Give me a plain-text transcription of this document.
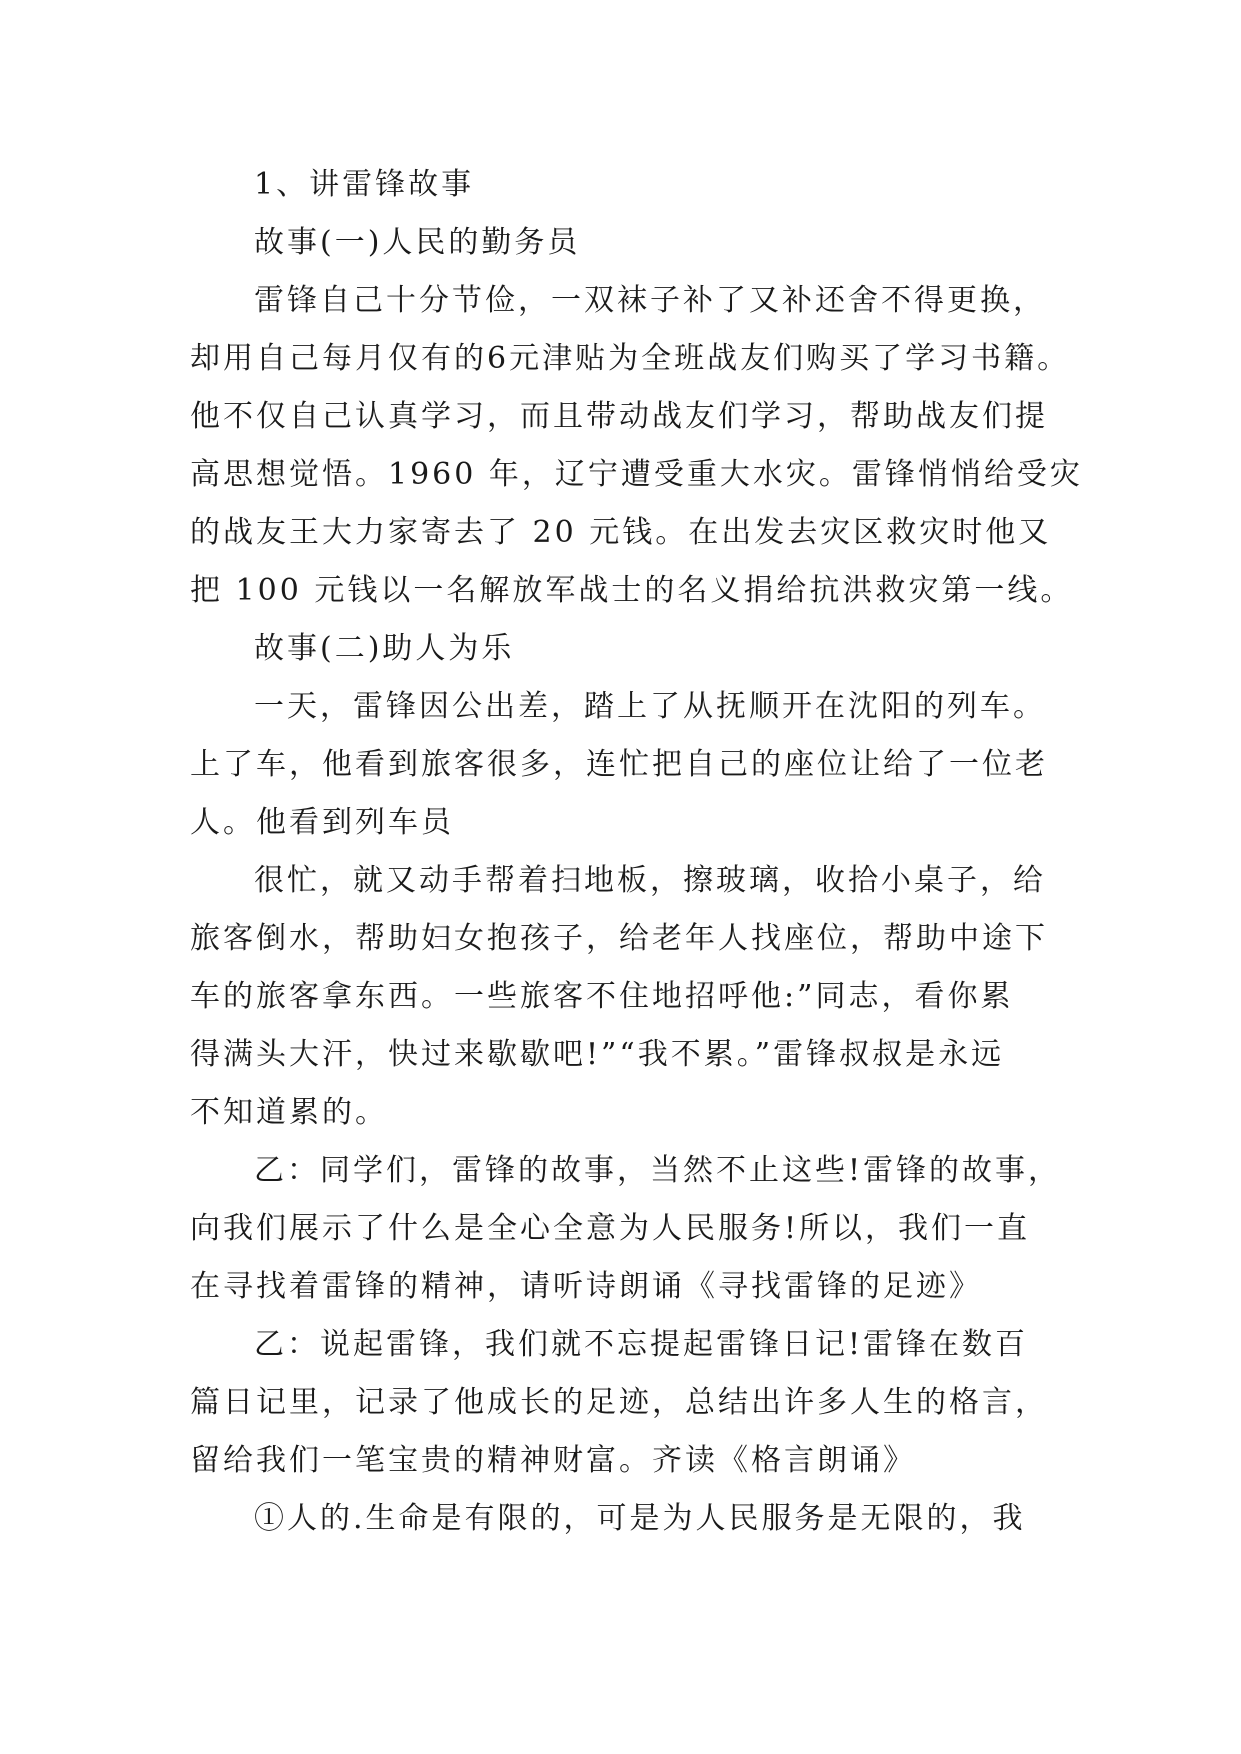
1、讲雷锋故事
故事(一)人民的勤务员
雷锋自己十分节俭，一双袜子补了又补还舍不得更换，
却用自己每月仅有的6元津贴为全班战友们购买了学习书籍。
他不仅自己认真学习，而且带动战友们学习，帮助战友们提
高思想觉悟。1960 年，辽宁遭受重大水灾。雷锋悄悄给受灾
的战友王大力家寄去了 20 元钱。在出发去灾区救灾时他又
把 100 元钱以一名解放军战士的名义捐给抗洪救灾第一线。
故事(二)助人为乐
一天，雷锋因公出差，踏上了从抚顺开在沈阳的列车。
上了车，他看到旅客很多，连忙把自己的座位让给了一位老
人。他看到列车员
很忙，就又动手帮着扫地板，擦玻璃，收拾小桌子，给
旅客倒水，帮助妇女抱孩子，给老年人找座位，帮助中途下
车的旅客拿东西。一些旅客不住地招呼他:”同志，看你累
得满头大汗，快过来歇歇吧!”“我不累。”雷锋叔叔是永远
不知道累的。
乙：同学们，雷锋的故事，当然不止这些!雷锋的故事，
向我们展示了什么是全心全意为人民服务!所以，我们一直
在寻找着雷锋的精神，请听诗朗诵《寻找雷锋的足迹》
乙：说起雷锋，我们就不忘提起雷锋日记!雷锋在数百
篇日记里，记录了他成长的足迹，总结出许多人生的格言，
留给我们一笔宝贵的精神财富。齐读《格言朗诵》
①人的.生命是有限的，可是为人民服务是无限的，我
